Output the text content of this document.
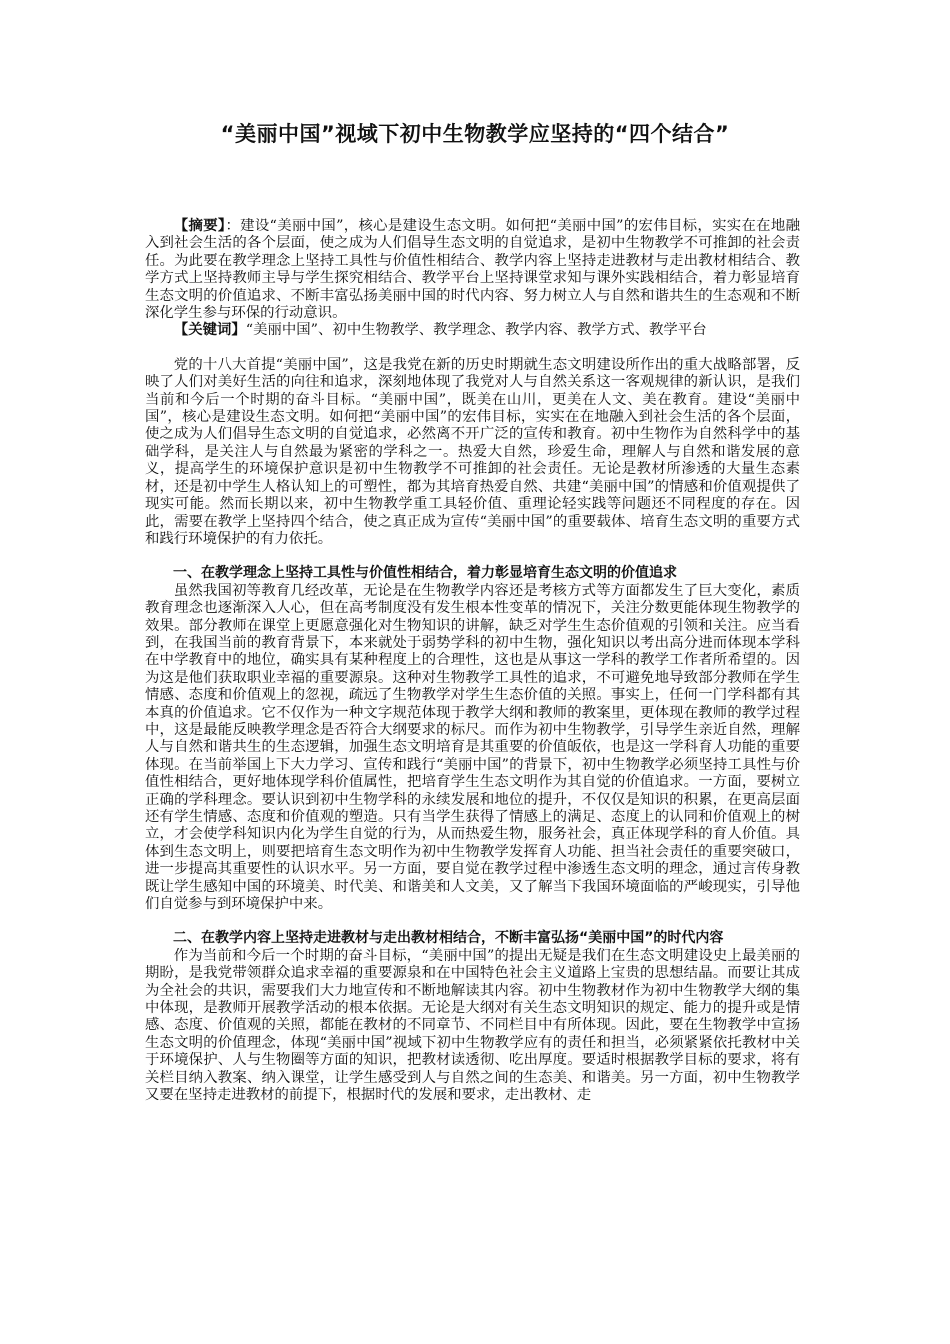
“美丽中国”视域下初中生物教学应坚持的“四个结合”

【摘要】：建设“美丽中国”，核心是建设生态文明。如何把“美丽中国”的宏伟目标，实实在在地融入到社会生活的各个层面，使之成为人们倡导生态文明的自觉追求，是初中生物教学不可推卸的社会责任。为此要在教学理念上坚持工具性与价值性相结合、教学内容上坚持走进教材与走出教材相结合、教学方式上坚持教师主导与学生探究相结合、教学平台上坚持课堂求知与课外实践相结合，着力彰显培育生态文明的价值追求、不断丰富弘扬美丽中国的时代内容、努力树立人与自然和谐共生的生态观和不断深化学生参与环保的行动意识。

【关键词】“美丽中国”、初中生物教学、教学理念、教学内容、教学方式、教学平台

党的十八大首提“美丽中国”，这是我党在新的历史时期就生态文明建设所作出的重大战略部署，反映了人们对美好生活的向往和追求，深刻地体现了我党对人与自然关系这一客观规律的新认识，是我们当前和今后一个时期的奋斗目标。“美丽中国”，既美在山川，更美在人文、美在教育。建设“美丽中国”，核心是建设生态文明。如何把“美丽中国”的宏伟目标，实实在在地融入到社会生活的各个层面，使之成为人们倡导生态文明的自觉追求，必然离不开广泛的宣传和教育。初中生物作为自然科学中的基础学科，是关注人与自然最为紧密的学科之一。热爱大自然，珍爱生命，理解人与自然和谐发展的意义，提高学生的环境保护意识是初中生物教学不可推卸的社会责任。无论是教材所渗透的大量生态素材，还是初中学生人格认知上的可塑性，都为其培育热爱自然、共建“美丽中国”的情感和价值观提供了现实可能。然而长期以来，初中生物教学重工具轻价值、重理论轻实践等问题还不同程度的存在。因此，需要在教学上坚持四个结合，使之真正成为宣传“美丽中国”的重要载体、培育生态文明的重要方式和践行环境保护的有力依托。

一、在教学理念上坚持工具性与价值性相结合，着力彰显培育生态文明的价值追求

虽然我国初等教育几经改革，无论是在生物教学内容还是考核方式等方面都发生了巨大变化，素质教育理念也逐渐深入人心，但在高考制度没有发生根本性变革的情况下，关注分数更能体现生物教学的效果。部分教师在课堂上更愿意强化对生物知识的讲解，缺乏对学生生态价值观的引领和关注。应当看到，在我国当前的教育背景下，本来就处于弱势学科的初中生物，强化知识以考出高分进而体现本学科在中学教育中的地位，确实具有某种程度上的合理性，这也是从事这一学科的教学工作者所希望的。因为这是他们获取职业幸福的重要源泉。这种对生物教学工具性的追求，不可避免地导致部分教师在学生情感、态度和价值观上的忽视，疏远了生物教学对学生生态价值的关照。事实上，任何一门学科都有其本真的价值追求。它不仅作为一种文字规范体现于教学大纲和教师的教案里，更体现在教师的教学过程中，这是最能反映教学理念是否符合大纲要求的标尺。而作为初中生物教学，引导学生亲近自然，理解人与自然和谐共生的生态逻辑，加强生态文明培育是其重要的价值皈依，也是这一学科育人功能的重要体现。在当前举国上下大力学习、宣传和践行“美丽中国”的背景下，初中生物教学必须坚持工具性与价值性相结合，更好地体现学科价值属性，把培育学生生态文明作为其自觉的价值追求。一方面，要树立正确的学科理念。要认识到初中生物学科的永续发展和地位的提升，不仅仅是知识的积累，在更高层面还有学生情感、态度和价值观的塑造。只有当学生获得了情感上的满足、态度上的认同和价值观上的树立，才会使学科知识内化为学生自觉的行为，从而热爱生物，服务社会，真正体现学科的育人价值。具体到生态文明上，则要把培育生态文明作为初中生物教学发挥育人功能、担当社会责任的重要突破口，进一步提高其重要性的认识水平。另一方面，要自觉在教学过程中渗透生态文明的理念，通过言传身教既让学生感知中国的环境美、时代美、和谐美和人文美，又了解当下我国环境面临的严峻现实，引导他们自觉参与到环境保护中来。

二、在教学内容上坚持走进教材与走出教材相结合，不断丰富弘扬“美丽中国”的时代内容

作为当前和今后一个时期的奋斗目标，“美丽中国”的提出无疑是我们在生态文明建设史上最美丽的期盼，是我党带领群众追求幸福的重要源泉和在中国特色社会主义道路上宝贵的思想结晶。而要让其成为全社会的共识，需要我们大力地宣传和不断地解读其内容。初中生物教材作为初中生物教学大纲的集中体现，是教师开展教学活动的根本依据。无论是大纲对有关生态文明知识的规定、能力的提升或是情感、态度、价值观的关照，都能在教材的不同章节、不同栏目中有所体现。因此，要在生物教学中宣扬生态文明的价值理念，体现“美丽中国”视域下初中生物教学应有的责任和担当，必须紧紧依托教材中关于环境保护、人与生物圈等方面的知识，把教材读透彻、吃出厚度。要适时根据教学目标的要求，将有关栏目纳入教案、纳入课堂，让学生感受到人与自然之间的生态美、和谐美。另一方面，初中生物教学又要在坚持走进教材的前提下，根据时代的发展和要求，走出教材、走
